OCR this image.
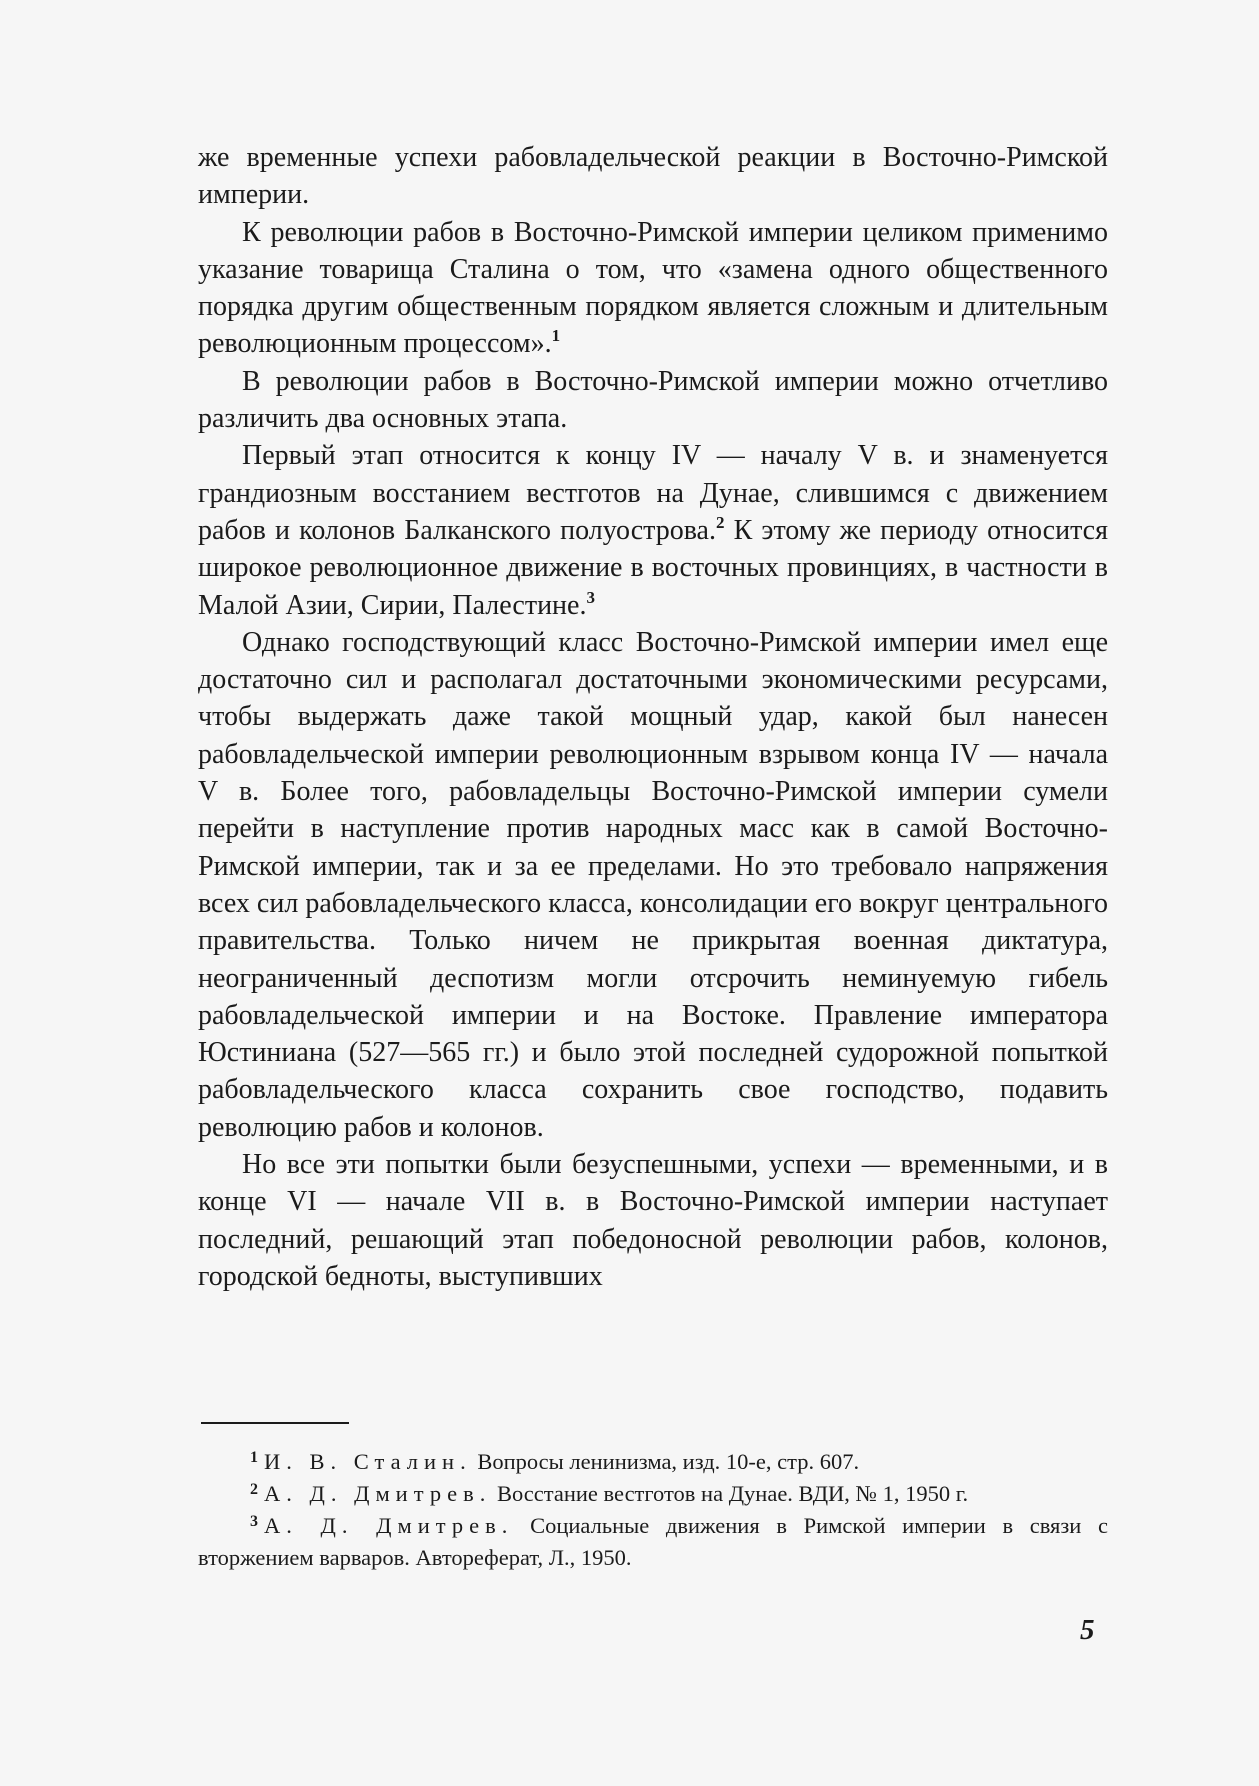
же временные успехи рабовладельческой реакции в Восточно-Римской империи.

К революции рабов в Восточно-Римской империи целиком применимо указание товарища Сталина о том, что «замена одного общественного порядка другим общественным порядком является сложным и длительным революционным процессом».$^1$

В революции рабов в Восточно-Римской империи можно отчетливо различить два основных этапа.

Первый этап относится к концу IV — началу V в. и знаменуется грандиозным восстанием вестготов на Дунае, слившимся с движением рабов и колонов Балканского полуострова.$^2$ К этому же периоду относится широкое революционное движение в восточных провинциях, в частности в Малой Азии, Сирии, Палестине.$^3$

Однако господствующий класс Восточно-Римской империи имел еще достаточно сил и располагал достаточными экономическими ресурсами, чтобы выдержать даже такой мощный удар, какой был нанесен рабовладельческой империи революционным взрывом конца IV — начала V в. Более того, рабовладельцы Восточно-Римской империи сумели перейти в наступление против народных масс как в самой Восточно-Римской империи, так и за ее пределами. Но это требовало напряжения всех сил рабовладельческого класса, консолидации его вокруг центрального правительства. Только ничем не прикрытая военная диктатура, неограниченный деспотизм могли отсрочить неминуемую гибель рабовладельческой империи и на Востоке. Правление императора Юстиниана (527—565 гг.) и было этой последней судорожной попыткой рабовладельческого класса сохранить свое господство, подавить революцию рабов и колонов.

Но все эти попытки были безуспешными, успехи — временными, и в конце VI — начале VII в. в Восточно-Римской империи наступает последний, решающий этап победоносной революции рабов, колонов, городской бедноты, выступивших

$^1$ И. В. Сталин. Вопросы ленинизма, изд. 10-е, стр. 607.

$^2$ А. Д. Дмитрев. Восстание вестготов на Дунае. ВДИ, № 1, 1950 г.

$^3$ А. Д. Дмитрев. Социальные движения в Римской империи в связи с вторжением варваров. Автореферат, Л., 1950.

5
